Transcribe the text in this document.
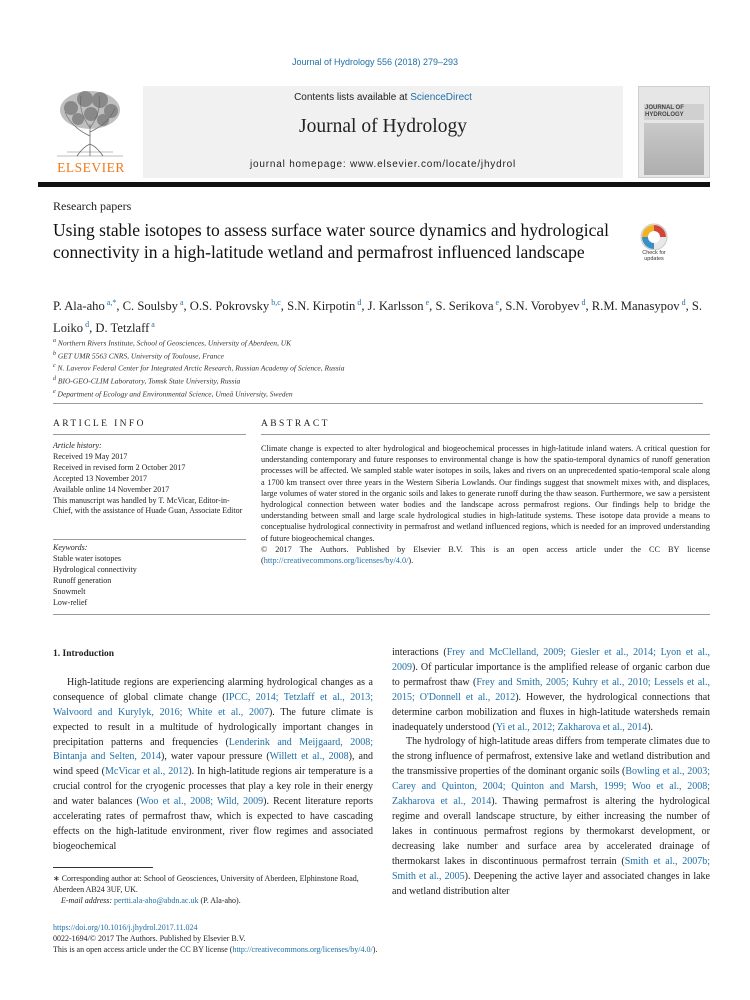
Journal of Hydrology 556 (2018) 279–293
ELSEVIER
Contents lists available at ScienceDirect
Journal of Hydrology
journal homepage: www.elsevier.com/locate/jhydrol
JOURNAL OF HYDROLOGY
Research papers
Using stable isotopes to assess surface water source dynamics and hydrological connectivity in a high-latitude wetland and permafrost influenced landscape	Check for updates
P. Ala-aho $^{a,*}$, C. Soulsby $^a$, O.S. Pokrovsky $^{b,c}$, S.N. Kirpotin $^d$, J. Karlsson $^e$, S. Serikova $^e$, S.N. Vorobyev $^d$, R.M. Manasypov $^d$, S. Loiko $^d$, D. Tetzlaff $^a$
$^a$ Northern Rivers Institute, School of Geosciences, University of Aberdeen, UK
$^b$ GET UMR 5563 CNRS, University of Toulouse, France
$^c$ N. Laverov Federal Center for Integrated Arctic Research, Russian Academy of Science, Russia
$^d$ BIO-GEO-CLIM Laboratory, Tomsk State University, Russia
$^e$ Department of Ecology and Environmental Science, Umeå University, Sweden
ARTICLE INFO	ABSTRACT
Article history:
Received 19 May 2017
Received in revised form 2 October 2017
Accepted 13 November 2017
Available online 14 November 2017
This manuscript was handled by T. McVicar, Editor-in-Chief, with the assistance of Huade Guan, Associate Editor
Keywords:
Stable water isotopes
Hydrological connectivity
Runoff generation
Snowmelt
Low-relief

Climate change is expected to alter hydrological and biogeochemical processes in high-latitude inland waters. A critical question for understanding contemporary and future responses to environmental change is how the spatio-temporal dynamics of runoff generation processes will be affected. We sampled stable water isotopes in soils, lakes and rivers on an unprecedented spatio-temporal scale along a 1700 km transect over three years in the Western Siberia Lowlands. Our findings suggest that snowmelt mixes with, and displaces, large volumes of water stored in the organic soils and lakes to generate runoff during the thaw season. Furthermore, we saw a persistent hydrological connection between water bodies and the landscape across permafrost regions. Our findings help to bridge the understanding between small and large scale hydrological studies in high-latitude systems. These isotope data provide a means to conceptualise hydrological connectivity in permafrost and wetland influenced regions, which is needed for an improved understanding of future biogeochemical changes.

© 2017 The Authors. Published by Elsevier B.V. This is an open access article under the CC BY license (http://creativecommons.org/licenses/by/4.0/).

1. Introduction

High-latitude regions are experiencing alarming hydrological changes as a consequence of global climate change (IPCC, 2014; Tetzlaff et al., 2013; Walvoord and Kurylyk, 2016; White et al., 2007). The future climate is expected to result in a multitude of hydrologically important changes in precipitation patterns and frequencies (Lenderink and Meijgaard, 2008; Bintanja and Selten, 2014), water vapour pressure (Willett et al., 2008), and wind speed (McVicar et al., 2012). In high-latitude regions air temperature is a crucial control for the cryogenic processes that play a key role in their energy and water balances (Woo et al., 2008; Wild, 2009). Recent literature reports accelerating rates of permafrost thaw, which is expected to have cascading effects on the high-latitude environment, river flow regimes and associated biogeochemical

interactions (Frey and McClelland, 2009; Giesler et al., 2014; Lyon et al., 2009). Of particular importance is the amplified release of organic carbon due to permafrost thaw (Frey and Smith, 2005; Kuhry et al., 2010; Lessels et al., 2015; O'Donnell et al., 2012). However, the hydrological connections that determine carbon mobilization and fluxes in high-latitude watersheds remain inadequately understood (Yi et al., 2012; Zakharova et al., 2014).

The hydrology of high-latitude areas differs from temperate climates due to the strong influence of permafrost, extensive lake and wetland distribution and the transmissive properties of the dominant organic soils (Bowling et al., 2003; Carey and Quinton, 2004; Quinton and Marsh, 1999; Woo et al., 2008; Zakharova et al., 2014). Thawing permafrost is altering the hydrological regime and overall landscape structure, by either increasing the number of lakes in continuous permafrost regions by thermokarst development, or decreasing lake number and surface area by accelerated drainage of thermokarst lakes in discontinuous permafrost terrain (Smith et al., 2007b; Smith et al., 2005). Deepening the active layer and associated changes in lake and wetland distribution alter

∗ Corresponding author at: School of Geosciences, University of Aberdeen, Elphinstone Road, Aberdeen AB24 3UF, UK.
E-mail address: pertti.ala-aho@abdn.ac.uk (P. Ala-aho).
https://doi.org/10.1016/j.jhydrol.2017.11.024
0022-1694/© 2017 The Authors. Published by Elsevier B.V.
This is an open access article under the CC BY license (http://creativecommons.org/licenses/by/4.0/).
